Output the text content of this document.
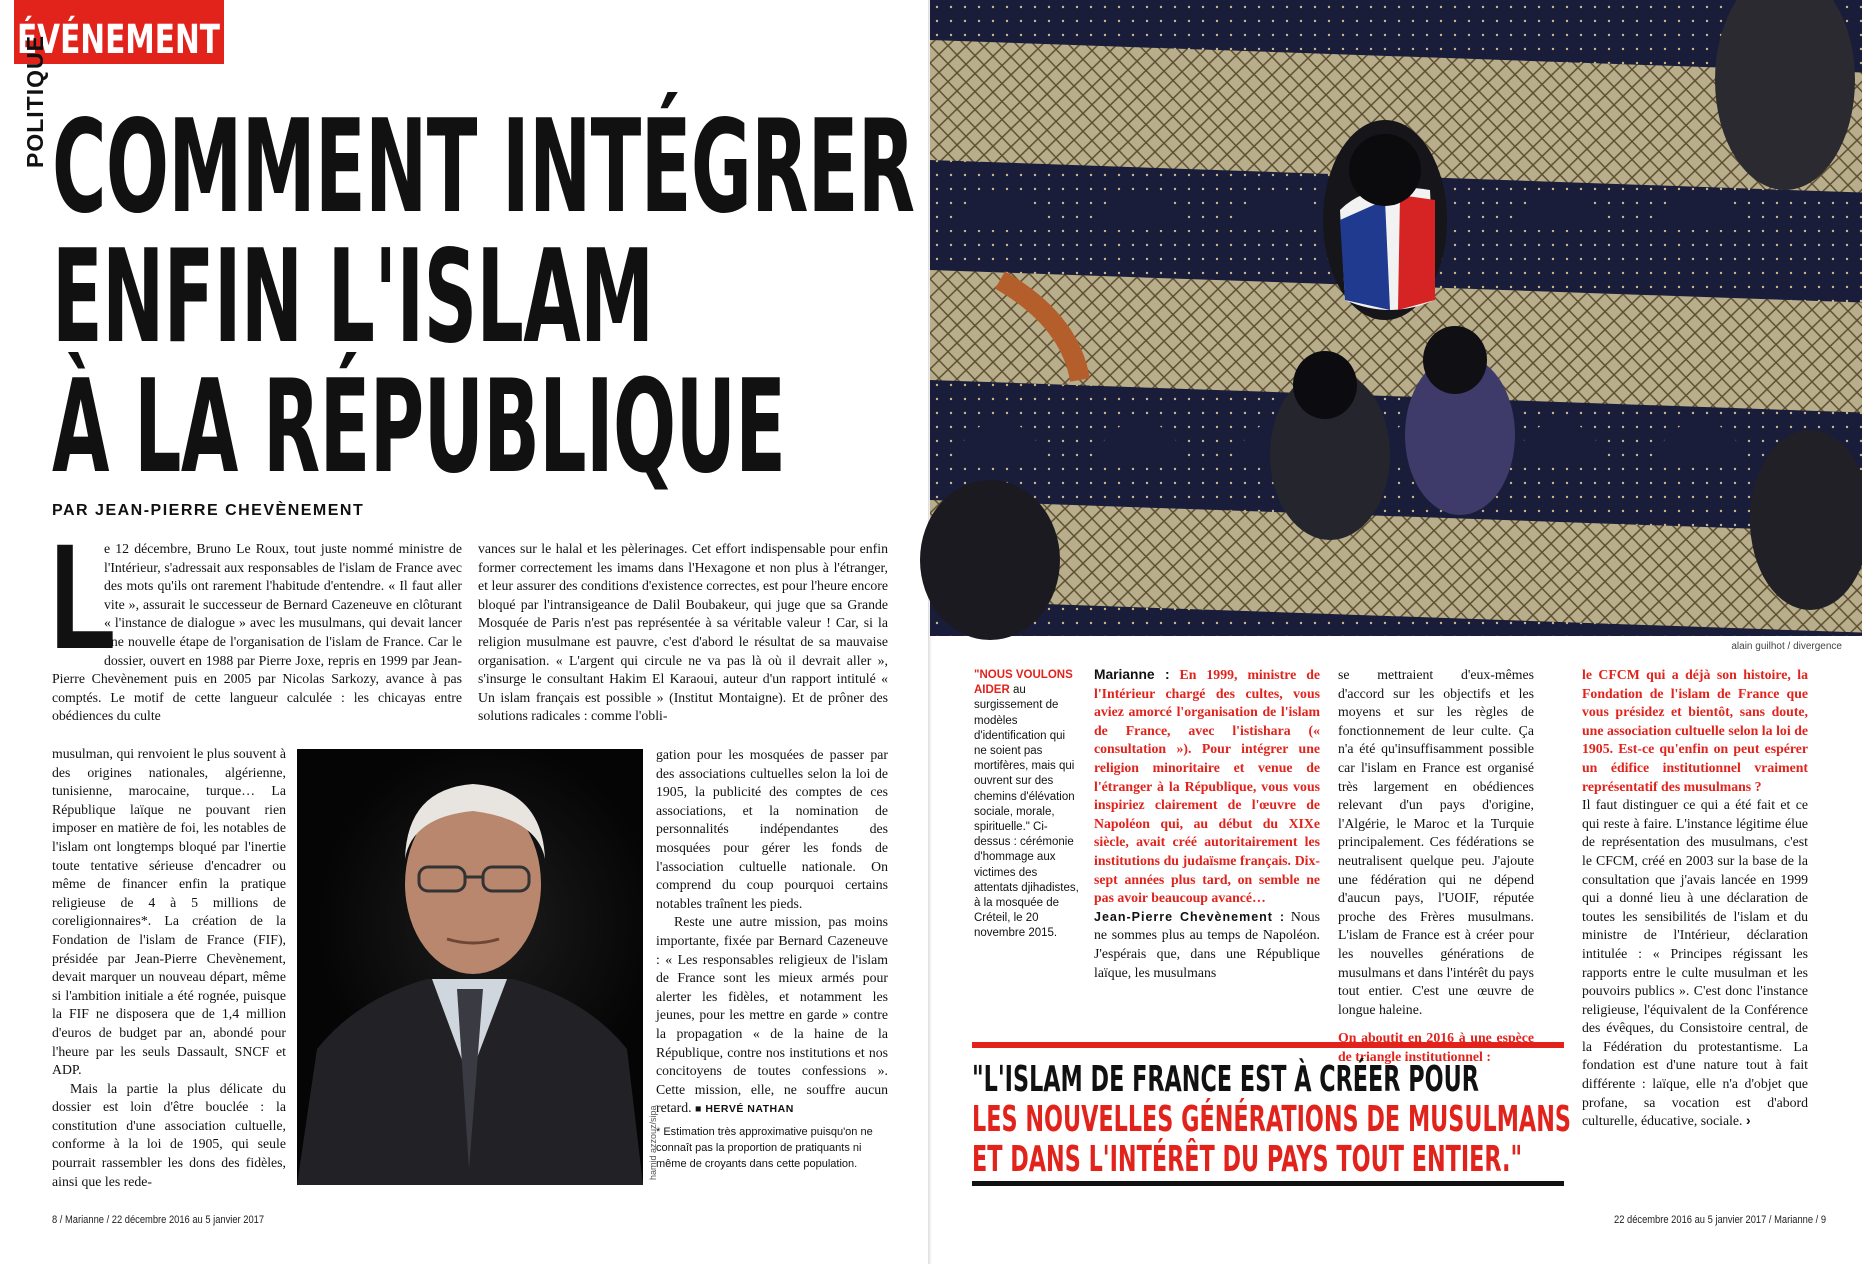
ÉVÉNEMENT
POLITIQUE COMMENT INTÉGRER
ENFIN L'ISLAM
À LA RÉPUBLIQUE
PAR JEAN-PIERRE CHEVÈNEMENT
L

e 12 décembre, Bruno Le Roux, tout juste nommé ministre de l'Intérieur, s'adressait aux responsables de l'islam de France avec des mots qu'ils ont rarement l'habitude d'entendre. « Il faut aller vite », assurait le successeur de Bernard Cazeneuve en clôturant « l'instance de dialogue » avec les musulmans, qui devait lancer une nouvelle étape de l'organisation de l'islam de France. Car le dossier, ouvert en 1988 par Pierre Joxe, repris en 1999 par Jean-Pierre Chevènement puis en 2005 par Nicolas Sarkozy, avance à pas comptés. Le motif de cette langueur calculée : les chicayas entre obédiences du culte

musulman, qui renvoient le plus souvent à des origines nationales, algérienne, tunisienne, marocaine, turque… La République laïque ne pouvant rien imposer en matière de foi, les notables de l'islam ont longtemps bloqué par l'inertie toute tentative sérieuse d'encadrer ou même de financer enfin la pratique religieuse de 4 à 5 millions de coreligionnaires*. La création de la Fondation de l'islam de France (FIF), présidée par Jean-Pierre Chevènement, devait marquer un nouveau départ, même si l'ambition initiale a été rognée, puisque la FIF ne disposera que de 1,4 million d'euros de budget par an, abondé pour l'heure par les seuls Dassault, SNCF et ADP.

Mais la partie la plus délicate du dossier est loin d'être bouclée : la constitution d'une association cultuelle, conforme à la loi de 1905, qui seule pourrait rassembler les dons des fidèles, ainsi que les rede-

vances sur le halal et les pèlerinages. Cet effort indispensable pour enfin former correctement les imams dans l'Hexagone et non plus à l'étranger, et leur assurer des conditions d'existence correctes, est pour l'heure encore bloqué par l'intransigeance de Dalil Boubakeur, qui juge que sa Grande Mosquée de Paris n'est pas représentée à sa véritable valeur ! Car, si la religion musulmane est pauvre, c'est d'abord le résultat de sa mauvaise organisation. « L'argent qui circule ne va pas là où il devrait aller », s'insurge le consultant Hakim El Karaoui, auteur d'un rapport intitulé « Un islam français est possible » (Institut Montaigne). Et de prôner des solutions radicales : comme l'obli-

gation pour les mosquées de passer par des associations cultuelles selon la loi de 1905, la publicité des comptes de ces associations, et la nomination de personnalités indépendantes des mosquées pour gérer les fonds de l'association cultuelle nationale. On comprend du coup pourquoi certains notables traînent les pieds.

Reste une autre mission, pas moins importante, fixée par Bernard Cazeneuve : « Les responsables religieux de l'islam de France sont les mieux armés pour alerter les fidèles, et notamment les jeunes, pour les mettre en garde » contre la propagation « de la haine de la République, contre nos institutions et nos concitoyens de toutes confessions ». Cette mission, elle, ne souffre aucun retard. ■ HERVÉ NATHAN

* Estimation très approximative puisqu'on ne connaît pas la proportion de pratiquants ni même de croyants dans cette population.
hamid azzouz/sipa
8 / Marianne / 22 décembre 2016 au 5 janvier 2017
alain guilhot / divergence
"NOUS VOULONS AIDER au surgissement de modèles d'identification qui ne soient pas mortifères, mais qui ouvrent sur des chemins d'élévation sociale, morale, spirituelle." Ci-dessus : cérémonie d'hommage aux victimes des attentats djihadistes, à la mosquée de Créteil, le 20 novembre 2015.

Marianne : En 1999, ministre de l'Intérieur chargé des cultes, vous aviez amorcé l'organisation de l'islam de France, avec l'istishara (« consultation »). Pour intégrer une religion minoritaire et venue de l'étranger à la République, vous vous inspiriez clairement de l'œuvre de Napoléon qui, au début du XIXe siècle, avait créé autoritairement les institutions du judaïsme français. Dix-sept années plus tard, on semble ne pas avoir beaucoup avancé…

Jean-Pierre Chevènement : Nous ne sommes plus au temps de Napoléon. J'espérais que, dans une République laïque, les musulmans

se mettraient d'eux-mêmes d'accord sur les objectifs et les moyens et sur les règles de fonctionnement de leur culte. Ça n'a été qu'insuffisamment possible car l'islam en France est organisé très largement en obédiences relevant d'un pays d'origine, l'Algérie, le Maroc et la Turquie principalement. Ces fédérations se neutralisent quelque peu. J'ajoute une fédération qui ne dépend d'aucun pays, l'UOIF, réputée proche des Frères musulmans. L'islam de France est à créer pour les nouvelles générations de musulmans et dans l'intérêt du pays tout entier. C'est une œuvre de longue haleine.

On aboutit en 2016 à une espèce de triangle institutionnel :

le CFCM qui a déjà son histoire, la Fondation de l'islam de France que vous présidez et bientôt, sans doute, une association cultuelle selon la loi de 1905. Est-ce qu'enfin on peut espérer un édifice institutionnel vraiment représentatif des musulmans ?

Il faut distinguer ce qui a été fait et ce qui reste à faire. L'instance légitime élue de représentation des musulmans, c'est le CFCM, créé en 2003 sur la base de la consultation que j'avais lancée en 1999 qui a donné lieu à une déclaration de toutes les sensibilités de l'islam et du ministre de l'Intérieur, déclaration intitulée : « Principes régissant les rapports entre le culte musulman et les pouvoirs publics ». C'est donc l'instance religieuse, l'équivalent de la Conférence des évêques, du Consistoire central, de la Fédération du protestantisme. La fondation est d'une nature tout à fait différente : laïque, elle n'a d'objet que profane, sa vocation est d'abord culturelle, éducative, sociale. ›

"L'ISLAM DE FRANCE EST À CRÉER POUR
LES NOUVELLES GÉNÉRATIONS DE MUSULMANS
ET DANS L'INTÉRÊT DU PAYS TOUT ENTIER."
22 décembre 2016 au 5 janvier 2017 / Marianne / 9
